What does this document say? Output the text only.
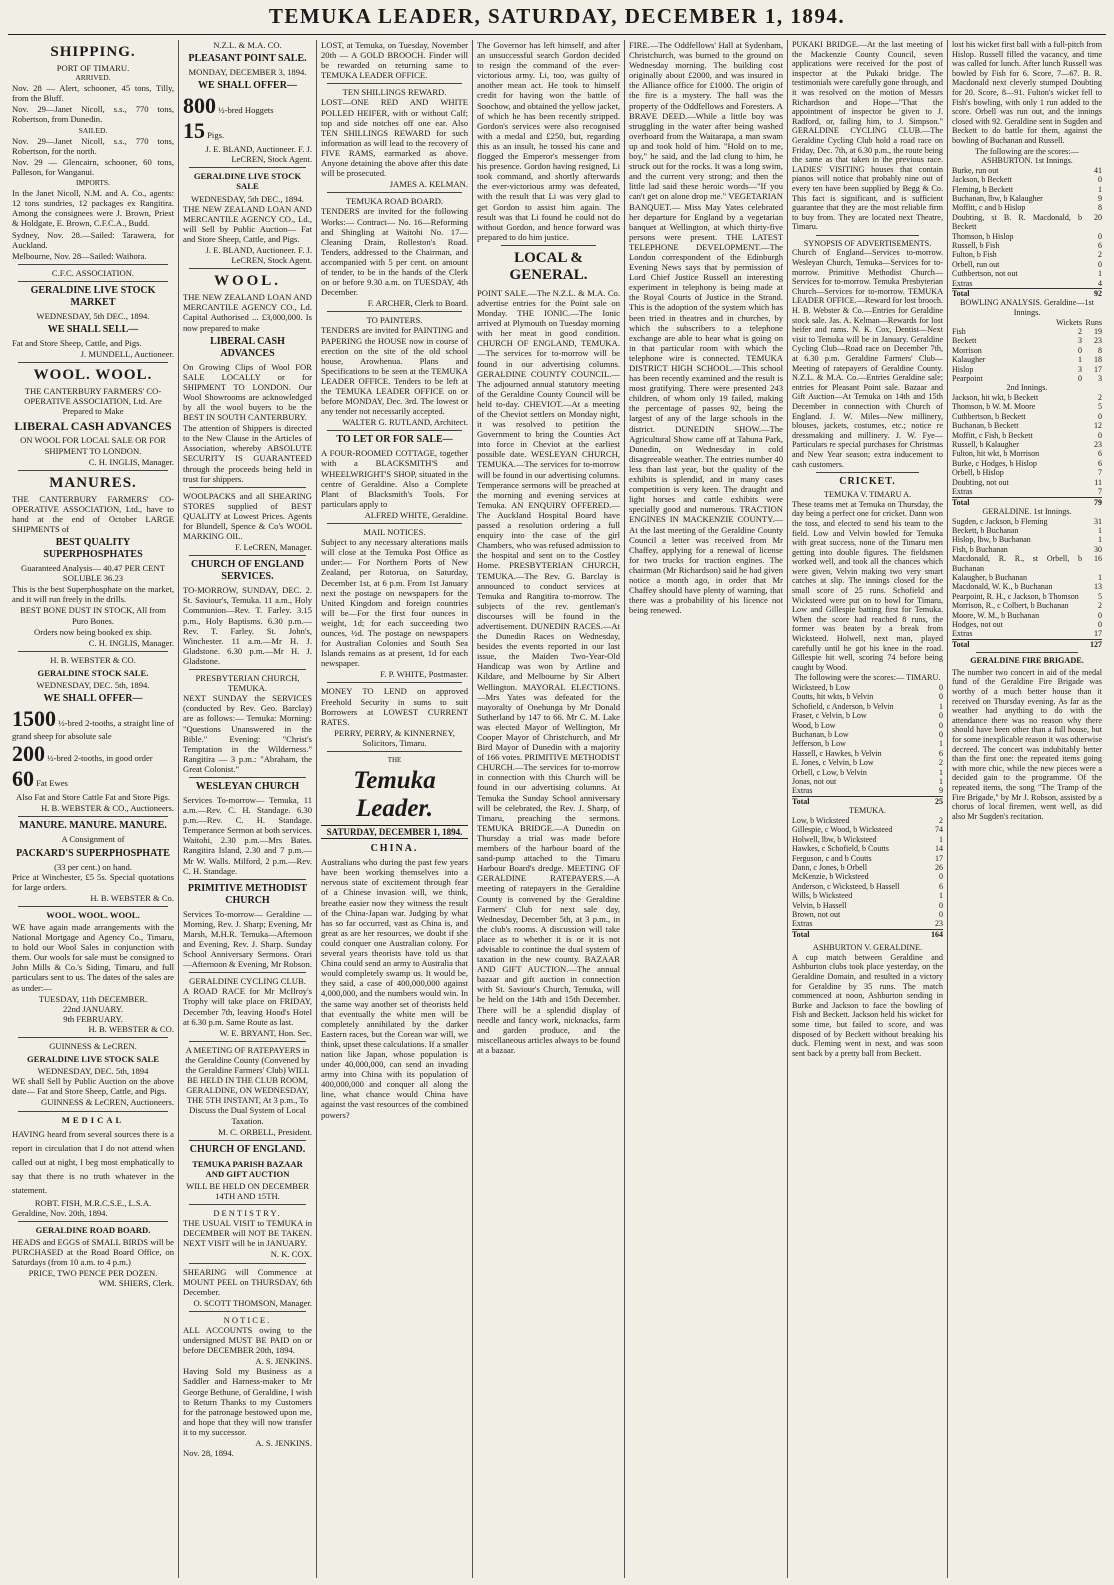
TEMUKA LEADER, SATURDAY, DECEMBER 1, 1894.
SHIPPING.
PORT OF TIMARU.
ARRIVED.
Nov. 28 — Alert, schooner, 45 tons, Tilly, from the Bluff.
Nov. 29—Janet Nicoll, s.s., 770 tons, Robertson, from Dunedin.
SAILED.
Nov. 29—Janet Nicoll, s.s., 770 tons, Robertson, for the north.
Nov. 29 — Glencairn, schooner, 60 tons, Palleson, for Wanganui.
IMPORTS.
In the Janet Nicoll, N.M. and A. Co., agents: 12 tons sundries, 12 packages ex Rangitira. Among the consignees were J. Brown, Priest & Holdgate, E. Brown, C.F.C.A., Budd.
Sydney, Nov. 28.—Sailed: Tarawera, for Auckland.
Melbourne, Nov. 28—Sailed: Waihora.
C.F.C. ASSOCIATION.
GERALDINE LIVE STOCK MARKET
WEDNESDAY, 5th DEC., 1894.
WE SHALL SELL—
Fat and Store Sheep, Cattle, and Pigs.
J. MUNDELL, Auctioneer.
WOOL. WOOL.
THE CANTERBURY FARMERS' CO-OPERATIVE ASSOCIATION, Ltd. Are Prepared to Make
LIBERAL CASH ADVANCES
ON WOOL FOR LOCAL SALE OR FOR SHIPMENT TO LONDON.
C. H. INGLIS, Manager.
MANURES.
THE CANTERBURY FARMERS' CO-OPERATIVE ASSOCIATION, Ltd., have to hand at the end of October LARGE SHIPMENTS of
BEST QUALITY SUPERPHOSPHATES
Guaranteed Analysis— 40.47 PER CENT SOLUBLE 36.23
This is the best Superphosphate on the market, and it will run freely in the drills.
BEST BONE DUST IN STOCK, All from Puro Bones.
Orders now being booked ex ship.
C. H. INGLIS, Manager.
H. B. WEBSTER & CO.
GERALDINE STOCK SALE.
WEDNESDAY, DEC. 5th, 1894.
WE SHALL OFFER—
1500 ½-bred 2-tooths, a straight line of grand sheep for absolute sale
200 ½-bred 2-tooths, in good order
60 Fat Ewes
Also Fat and Store Cattle Fat and Store Pigs.
H. B. WEBSTER & CO., Auctioneers.
MANURE. MANURE. MANURE.
A Consignment of
PACKARD'S SUPERPHOSPHATE
(33 per cent.) on hand.
Price at Winchester, £5 5s. Special quotations for large orders.
H. B. WEBSTER & Co.
WOOL. WOOL. WOOL.
WE have again made arrangements with the National Mortgage and Agency Co., Timaru, to hold our Wool Sales in conjunction with them. Our wools for sale must be consigned to John Mills & Co.'s Siding, Timaru, and full particulars sent to us. The dates of the sales are as under:—
TUESDAY, 11th DECEMBER.
22nd JANUARY.
9th FEBRUARY.
H. B. WEBSTER & CO.
GUINNESS & LeCREN.
GERALDINE LIVE STOCK SALE
WEDNESDAY, DEC. 5th, 1894
WE shall Sell by Public Auction on the above date— Fat and Store Sheep, Cattle, and Pigs.
GUINNESS & LeCREN, Auctioneers.
MEDICAL
HAVING heard from several sources there is a report in circulation that I do not attend when called out at night, I beg most emphatically to say that there is no truth whatever in the statement.
ROBT. FISH, M.R.C.S.E., L.S.A.
Geraldine, Nov. 20th, 1894.
GERALDINE ROAD BOARD.
HEADS and EGGS of SMALL BIRDS will be PURCHASED at the Road Board Office, on Saturdays (from 10 a.m. to 4 p.m.)
PRICE, TWO PENCE PER DOZEN.
WM. SHIERS, Clerk.
N.Z.L. & M.A. CO.
PLEASANT POINT SALE.
MONDAY, DECEMBER 3, 1894.
WE SHALL OFFER—
800 ½-bred Hoggets
15 Pigs.
J. E. BLAND, Auctioneer. F. J. LeCREN, Stock Agent.
GERALDINE LIVE STOCK SALE
WEDNESDAY, 5th DEC., 1894.
THE NEW ZEALAND LOAN AND MERCANTILE AGENCY CO., Ld., will Sell by Public Auction— Fat and Store Sheep, Cattle, and Pigs.
J. E. BLAND, Auctioneer. F. J. LeCREN, Stock Agent.
WOOL.
THE NEW ZEALAND LOAN AND MERCANTILE AGENCY CO., Ld. Capital Authorised ... £3,000,000. Is now prepared to make
LIBERAL CASH ADVANCES
On Growing Clips of Wool FOR SALE LOCALLY or for SHIPMENT TO LONDON. Our Wool Showrooms are acknowledged by all the wool buyers to be the BEST IN SOUTH CANTERBURY.
The attention of Shippers is directed to the New Clause in the Articles of Association, whereby ABSOLUTE SECURITY IS GUARANTEED through the proceeds being held in trust for shippers.
WOOLPACKS and all SHEARING STORES supplied of BEST QUALITY at Lowest Prices. Agents for Blundell, Spence & Co's WOOL MARKING OIL.
F. LeCREN, Manager.
CHURCH OF ENGLAND SERVICES.
TO-MORROW, SUNDAY, DEC. 2. St. Saviour's, Temuka. 11 a.m., Holy Communion—Rev. T. Farley. 3.15 p.m., Holy Baptisms. 6.30 p.m.—Rev. T. Farley. St. John's, Winchester. 11 a.m.—Mr H. J. Gladstone. 6.30 p.m.—Mr H. J. Gladstone.
PRESBYTERIAN CHURCH, TEMUKA.
NEXT SUNDAY the SERVICES (conducted by Rev. Geo. Barclay) are as follows:— Temuka: Morning: "Questions Unanswered in the Bible." Evening: "Christ's Temptation in the Wilderness." Rangitira — 3 p.m.: "Abraham, the Great Colonist."
WESLEYAN CHURCH
Services To-morrow— Temuka, 11 a.m.—Rev. C. H. Standage. 6.30 p.m.—Rev. C. H. Standage. Temperance Sermon at both services. Waitohi, 2.30 p.m.—Mrs Bates. Rangitira Island, 2.30 and 7 p.m.—Mr W. Walls. Milford, 2 p.m.—Rev. C. H. Standage.
PRIMITIVE METHODIST CHURCH
Services To-morrow— Geraldine — Morning, Rev. J. Sharp; Evening, Mr Marsh, M.H.R. Temuka—Afternoon and Evening, Rev. J. Sharp. Sunday School Anniversary Sermons. Orari—Afternoon & Evening, Mr Robson.
GERALDINE CYCLING CLUB.
A ROAD RACE for Mr McIlroy's Trophy will take place on FRIDAY, December 7th, leaving Hood's Hotel at 6.30 p.m. Same Route as last.
W. E. BRYANT, Hon. Sec.
A MEETING OF RATEPAYERS in the Geraldine County (Convened by the Geraldine Farmers' Club) WILL BE HELD IN THE CLUB ROOM, GERALDINE, ON WEDNESDAY, THE 5TH INSTANT, At 3 p.m., To Discuss the Dual System of Local Taxation.
M. C. ORBELL, President.
CHURCH OF ENGLAND.
TEMUKA PARISH BAZAAR AND GIFT AUCTION
WILL BE HELD ON DECEMBER 14TH AND 15TH.
DENTISTRY.
THE USUAL VISIT to TEMUKA in DECEMBER will NOT BE TAKEN. NEXT VISIT will be in JANUARY.
N. K. COX.
SHEARING will Commence at MOUNT PEEL on THURSDAY, 6th December.
O. SCOTT THOMSON, Manager.
NOTICE.
ALL ACCOUNTS owing to the undersigned MUST BE PAID on or before DECEMBER 20th, 1894.
A. S. JENKINS.
Having Sold my Business as a Saddler and Harness-maker to Mr George Bethune, of Geraldine, I wish to Return Thanks to my Customers for the patronage bestowed upon me, and hope that they will now transfer it to my successor.
A. S. JENKINS.
Nov. 28, 1894.
LOST, at Temuka, on Tuesday, November 20th — A GOLD BROOCH. Finder will be rewarded on returning same to TEMUKA LEADER OFFICE.
TEN SHILLINGS REWARD.
LOST—ONE RED AND WHITE POLLED HEIFER, with or without Calf; top and side notches off one ear. Also TEN SHILLINGS REWARD for such information as will lead to the recovery of FIVE RAMS, earmarked as above. Anyone detaining the above after this date will be prosecuted.
JAMES A. KELMAN.
TEMUKA ROAD BOARD.
TENDERS are invited for the following Works:— Contract— No. 16—Reforming and Shingling at Waitohi No. 17—Cleaning Drain, Rolleston's Road. Tenders, addressed to the Chairman, and accompanied with 5 per cent. on amount of tender, to be in the hands of the Clerk on or before 9.30 a.m. on TUESDAY, 4th December.
F. ARCHER, Clerk to Board.
TO PAINTERS.
TENDERS are invited for PAINTING and PAPERING the HOUSE now in course of erection on the site of the old school house, Arowhenua. Plans and Specifications to be seen at the TEMUKA LEADER OFFICE. Tenders to be left at the TEMUKA LEADER OFFICE on or before MONDAY, Dec. 3rd. The lowest or any tender not necessarily accepted.
WALTER G. RUTLAND, Architect.
TO LET OR FOR SALE—
A FOUR-ROOMED COTTAGE, together with a BLACKSMITH'S and WHEELWRIGHT'S SHOP, situated in the centre of Geraldine. Also a Complete Plant of Blacksmith's Tools. For particulars apply to
ALFRED WHITE, Geraldine.
MAIL NOTICES.
Subject to any necessary alterations mails will close at the Temuka Post Office as under:— For Northern Ports of New Zealand, per Rotorua, on Saturday, December 1st, at 6 p.m. From 1st January next the postage on newspapers for the United Kingdom and foreign countries will be—For the first four ounces in weight, 1d; for each succeeding two ounces, ½d. The postage on newspapers for Australian Colonies and South Sea Islands remains as at present, 1d for each newspaper.
F. P. WHITE, Postmaster.
MONEY TO LEND on approved Freehold Security in sums to suit Borrowers at LOWEST CURRENT RATES.
PERRY, PERRY, & KINNERNEY, Solicitors, Timaru.
THE
Temuka Leader.
SATURDAY, DECEMBER 1, 1894.
CHINA.
Australians who during the past few years have been working themselves into a nervous state of excitement through fear of a Chinese invasion will, we think, breathe easier now they witness the result of the China-Japan war. Judging by what has so far occurred, vast as China is, and great as are her resources, we doubt if she could conquer one Australian colony. For several years theorists have told us that China could send an army to Australia that would completely swamp us. It would be, they said, a case of 400,000,000 against 4,000,000, and the numbers would win. In the same way another set of theorists held that eventually the white men will be completely annihilated by the darker Eastern races, but the Corean war will, we think, upset these calculations. If a smaller nation like Japan, whose population is under 40,000,000, can send an invading army into China with its population of 400,000,000 and conquer all along the line, what chance would China have against the vast resources of the combined powers?
The Governor has left himself, and after an unsuccessful search Gordon decided to resign the command of the ever-victorious army. Li, too, was guilty of another mean act. He took to himself credit for having won the battle of Soochow, and obtained the yellow jacket, of which he has been recently stripped. Gordon's services were also recognised with a medal and £250, but, regarding this as an insult, he tossed his cane and flogged the Emperor's messenger from his presence. Gordon having resigned, Li took command, and shortly afterwards the ever-victorious army was defeated, with the result that Li was very glad to get Gordon to assist him again. The result was that Li found he could not do without Gordon, and hence forward was prepared to do him justice.
LOCAL & GENERAL.
POINT SALE.—The N.Z.L. & M.A. Co. advertise entries for the Point sale on Monday. THE IONIC.—The Ionic arrived at Plymouth on Tuesday morning with her meat in good condition. CHURCH OF ENGLAND, TEMUKA.—The services for to-morrow will be found in our advertising columns. GERALDINE COUNTY COUNCIL.—The adjourned annual statutory meeting of the Geraldine County Council will be held to-day. CHEVIOT.—At a meeting of the Cheviot settlers on Monday night, it was resolved to petition the Government to bring the Counties Act into force in Cheviot at the earliest possible date. WESLEYAN CHURCH, TEMUKA.—The services for to-morrow will be found in our advertising columns. Temperance sermons will be preached at the morning and evening services at Temuka. AN ENQUIRY OFFERED.—The Auckland Hospital Board have passed a resolution ordering a full enquiry into the case of the girl Chambers, who was refused admission to the hospital and sent on to the Costley Home. PRESBYTERIAN CHURCH, TEMUKA.—The Rev. G. Barclay is announced to conduct services at Temuka and Rangitira to-morrow. The subjects of the rev. gentleman's discourses will be found in the advertisement. DUNEDIN RACES.—At the Dunedin Races on Wednesday, besides the events reported in our last issue, the Maiden Two-Year-Old Handicap was won by Artline and Kildare, and Melbourne by Sir Albert Wellington. MAYORAL ELECTIONS.—Mrs Yates was defeated for the mayoralty of Onehunga by Mr Donald Sutherland by 147 to 66. Mr C. M. Lake was elected Mayor of Wellington, Mr Cooper Mayor of Christchurch, and Mr Bird Mayor of Dunedin with a majority of 166 votes. PRIMITIVE METHODIST CHURCH.—The services for to-morrow in connection with this Church will be found in our advertising columns. At Temuka the Sunday School anniversary will be celebrated, the Rev. J. Sharp, of Timaru, preaching the sermons. TEMUKA BRIDGE.—A Dunedin on Thursday a trial was made before members of the harbour board of the sand-pump attached to the Timaru Harbour Board's dredge. MEETING OF GERALDINE RATEPAYERS.—A meeting of ratepayers in the Geraldine County is convened by the Geraldine Farmers' Club for next sale day, Wednesday, December 5th, at 3 p.m., in the club's rooms. A discussion will take place as to whether it is or it is not advisable to continue the dual system of taxation in the new county. BAZAAR AND GIFT AUCTION.—The annual bazaar and gift auction in connection with St. Saviour's Church, Temuka, will be held on the 14th and 15th December. There will be a splendid display of needle and fancy work, nicknacks, farm and garden produce, and the miscellaneous articles always to be found at a bazaar.
FIRE.—The Oddfellows' Hall at Sydenham, Christchurch, was burned to the ground on Wednesday morning. The building cost originally about £2000, and was insured in the Alliance office for £1000. The origin of the fire is a mystery. The hall was the property of the Oddfellows and Foresters. A BRAVE DEED.—While a little boy was struggling in the water after being washed overboard from the Waitarapa, a man swam up and took hold of him. "Hold on to me, boy," he said, and the lad clung to him, he struck out for the rocks. It was a long swim, and the current very strong; and then the little lad said these heroic words—"If you can't get on alone drop me." VEGETARIAN BANQUET.— Miss May Yates celebrated her departure for England by a vegetarian banquet at Wellington, at which thirty-five persons were present. THE LATEST TELEPHONE DEVELOPMENT.—The London correspondent of the Edinburgh Evening News says that by permission of Lord Chief Justice Russell an interesting experiment in telephony is being made at the Royal Courts of Justice in the Strand. This is the adoption of the system which has been tried in theatres and in churches, by which the subscribers to a telephone exchange are able to hear what is going on in that particular room with which the telephone wire is connected. TEMUKA DISTRICT HIGH SCHOOL.—This school has been recently examined and the result is most gratifying. There were presented 243 children, of whom only 19 failed, making the percentage of passes 92, being the largest of any of the large schools in the district. DUNEDIN SHOW.—The Agricultural Show came off at Tahuna Park, Dunedin, on Wednesday in cold disagreeable weather. The entries number 40 less than last year, but the quality of the exhibits is splendid, and in many cases competition is very keen. The draught and light horses and cattle exhibits were specially good and numerous. TRACTION ENGINES IN MACKENZIE COUNTY.—At the last meeting of the Geraldine County Council a letter was received from Mr Chaffey, applying for a renewal of license for two trucks for traction engines. The chairman (Mr Richardson) said he had given notice a month ago, in order that Mr Chaffey should have plenty of warning, that there was a probability of his licence not being renewed.
PUKAKI BRIDGE.—At the last meeting of the Mackenzie County Council, seven applications were received for the post of inspector at the Pukaki bridge. The testimonials were carefully gone through, and it was resolved on the motion of Messrs Richardson and Hope—"That the appointment of inspector be given to J. Radford, or, failing him, to J. Simpson." GERALDINE CYCLING CLUB.—The Geraldine Cycling Club hold a road race on Friday, Dec. 7th, at 6.30 p.m., the route being the same as that taken in the previous race. LADIES' VISITING houses that contain pianos will notice that probably nine out of every ten have been supplied by Begg & Co. This fact is significant, and is sufficient guarantee that they are the most reliable firm to buy from. They are located next Theatre, Timaru.
SYNOPSIS OF ADVERTISEMENTS.
Church of England—Services to-morrow. Wesleyan Church, Temuka—Services for to-morrow. Primitive Methodist Church—Services for to-morrow. Temuka Presbyterian Church—Services for to-morrow. TEMUKA LEADER OFFICE.—Reward for lost brooch. H. B. Webster & Co.—Entries for Geraldine stock sale. Jas. A. Kelman—Rewards for lost heifer and rams. N. K. Cox, Dentist—Next visit to Temuka will be in January. Geraldine Cycling Club—Road race on December 7th, at 6.30 p.m. Geraldine Farmers' Club—Meeting of ratepayers of Geraldine County. N.Z.L. & M.A. Co.—Entries Geraldine sale; entries for Pleasant Point sale. Bazaar and Gift Auction—At Temuka on 14th and 15th December in connection with Church of England. J. W. Miles—New millinery, blouses, jackets, costumes, etc.; notice re dressmaking and millinery. J. W. Fye—Particulars re special purchases for Christmas and New Year season; extra inducement to cash customers.
CRICKET.
TEMUKA V. TIMARU A.
These teams met at Temuka on Thursday, the day being a perfect one for cricket. Dann won the toss, and elected to send his team to the field. Low and Velvin bowled for Temuka with great success, none of the Timaru men getting into double figures. The fieldsmen worked well, and took all the chances which were given, Velvin making two very smart catches at slip. The innings closed for the small score of 25 runs. Schofield and Wicksteed were put on to bowl for Timaru, Low and Gillespie batting first for Temuka. When the score had reached 8 runs, the former was beaten by a break from Wicksteed. Holwell, next man, played carefully until he got his knee in the road. Gillespie hit well, scoring 74 before being caught by Wood.
The following were the scores:— TIMARU.
Wicksteed, b Low	0
Coutts, hit wkts, b Velvin	0
Schofield, c Anderson, b Velvin	1
Fraser, c Velvin, b Low	0
Wood, b Low	0
Buchanan, b Low	0
Jefferson, b Low	1
Hassell, c Hawkes, b Velvin	6
E. Jones, c Velvin, b Low	2
Orbell, c Low, b Velvin	1
Jonas, not out	1
Extras	9
Total	25
TEMUKA.
Low, b Wicksteed	2
Gillespie, c Wood, b Wicksteed	74
Holwell, lbw, b Wicksteed	1
Hawkes, c Schofield, b Coutts	14
Ferguson, c and b Coutts	17
Dann, c Jones, b Orbell	26
McKenzie, b Wicksteed	0
Anderson, c Wicksteed, b Hassell	6
Wills, b Wicksteed	1
Velvin, b Hassell	0
Brown, not out	0
Extras	23
Total	164
ASHBURTON V. GERALDINE.
A cup match between Geraldine and Ashburton clubs took place yesterday, on the Geraldine Domain, and resulted in a victory for Geraldine by 35 runs. The match commenced at noon, Ashburton sending in Burke and Jackson to face the bowling of Fish and Beckett. Jackson held his wicket for some time, but failed to score, and was disposed of by Beckett without breaking his duck. Fleming went in next, and was soon sent back by a pretty ball from Beckett.
lost his wicket first ball with a full-pitch from Hislop. Russell filled the vacancy, and time was called for lunch. After lunch Russell was bowled by Fish for 6. Score, 7—67. B. R. Macdonald next cleverly stumped Doubting for 20. Score, 8—91. Fulton's wicket fell to Fish's bowling, with only 1 run added to the score. Orbell was run out, and the innings closed with 92. Geraldine sent in Sugden and Beckett to do battle for them, against the bowling of Buchanan and Russell.
The following are the scores:— ASHBURTON. 1st Innings.
Burke, run out	41
Jackson, b Beckett	0
Fleming, b Beckett	1
Buchanan, lbw, b Kalaugher	9
Moffitt, c and b Hislop	8
Doubting, st B. R. Macdonald, b Beckett	20
Thomson, b Hislop	0
Russell, b Fish	6
Fulton, b Fish	2
Orbell, run out	0
Cuthbertson, not out	1
Extras	4
Total	92
BOWLING ANALYSIS. Geraldine—1st Innings.
	Wickets	Runs
Fish	2	19
Beckett	3	23
Morrison	0	8
Kalaugher	1	18
Hislop	3	17
Pearpoint	0	3
2nd Innings.
Jackson, hit wkt, b Beckett	2
Thomson, b W. M. Moore	5
Cuthbertson, b Beckett	0
Buchanan, b Beckett	12
Moffitt, c Fish, b Beckett	0
Russell, b Kalaugher	23
Fulton, hit wkt, b Morrison	6
Burke, c Hodges, b Hislop	6
Orbell, b Hislop	7
Doubting, not out	11
Extras	7
Total	79
GERALDINE. 1st Innings.
Sugden, c Jackson, b Fleming	31
Beckett, b Buchanan	1
Hislop, lbw, b Buchanan	1
Fish, b Buchanan	30
Macdonald, R. R., st Orbell, b Buchanan	16
Kalaugher, b Buchanan	1
Macdonald, W. K., b Buchanan	13
Pearpoint, R. H., c Jackson, b Thomson	5
Morrison, R., c Colbert, b Buchanan	2
Moore, W. M., b Buchanan	0
Hodges, not out	0
Extras	17
Total	127
GERALDINE FIRE BRIGADE.
The number two concert in aid of the medal fund of the Geraldine Fire Brigade was worthy of a much better house than it received on Thursday evening. As far as the weather had anything to do with the attendance there was no reason why there should have been other than a full house, but for some inexplicable reason it was otherwise decreed. The concert was indubitably better than the first one: the repeated items going with more chic, while the new pieces were a decided gain to the programme. Of the repeated items, the song "The Tramp of the Fire Brigade," by Mr J. Robson, assisted by a chorus of local firemen, went well, as did also Mr Sugden's recitation.
